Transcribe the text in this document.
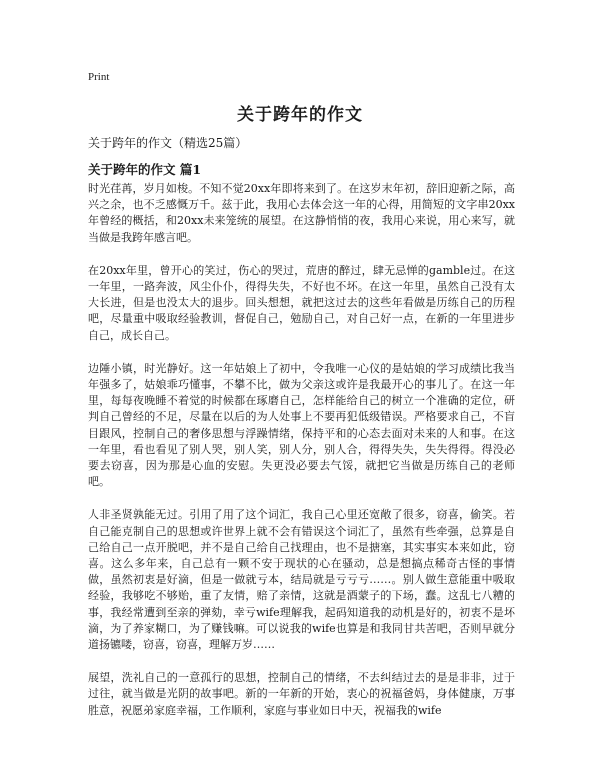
Print
关于跨年的作文
关于跨年的作文（精选25篇）
关于跨年的作文 篇1

时光荏苒，岁月如梭。不知不觉20xx年即将来到了。在这岁末年初，辞旧迎新之际，高兴之余，也不乏感慨万千。兹于此，我用心去体会这一年的心得，用简短的文字串20xx年曾经的概括，和20xx未来笼统的展望。在这静悄悄的夜，我用心来说，用心来写，就当做是我跨年感言吧。

在20xx年里，曾开心的笑过，伤心的哭过，荒唐的醉过，肆无忌惮的gamble过。在这一年里，一路奔波，风尘仆仆，得得失失，不好也不坏。在这一年里，虽然自己没有太大长进，但是也没太大的退步。回头想想，就把这过去的这些年看做是历练自己的历程吧，尽量重中吸取经验教训，督促自己，勉励自己，对自己好一点，在新的一年里进步自己，成长自己。

边陲小镇，时光静好。这一年姑娘上了初中，令我唯一心仪的是姑娘的学习成绩比我当年强多了，姑娘乖巧懂事，不攀不比，做为父亲这或许是我最开心的事儿了。在这一年里，每每夜晚睡不着觉的时候都在琢磨自己，怎样能给自己的树立一个准确的定位，研判自己曾经的不足，尽量在以后的为人处事上不要再犯低级错误。严格要求自己，不盲目跟风，控制自己的奢侈思想与浮躁情绪，保持平和的心态去面对未来的人和事。在这一年里，看也看见了别人哭，别人笑，别人分，别人合，得得失失，失失得得。得没必要去窃喜，因为那是心血的安慰。失更没必要去气馁，就把它当做是历练自己的老师吧。

人非圣贤孰能无过。引用了用了这个词汇，我自己心里还宽敞了很多，窃喜，偷笑。若自己能克制自己的思想或许世界上就不会有错误这个词汇了，虽然有些牵强，总算是自己给自己一点开脱吧，并不是自己给自己找理由，也不是搪塞，其实事实本来如此，窃喜。这么多年来，自己总有一颗不安于现状的心在骚动，总是想搞点稀奇古怪的事情做，虽然初衷是好滴，但是一做就亏本，结局就是亏亏亏……。别人做生意能重中吸取经验，我够吃不够贻，重了友情，赔了亲情，这就是酒蒙子的下场，蠢。这乱七八糟的事，我经常遭到至亲的弹劾，幸亏wife理解我，起码知道我的动机是好的，初衷不是坏滴，为了养家糊口，为了赚钱嘛。可以说我的wife也算是和我同甘共苦吧，否则早就分道扬镳喽，窃喜，窃喜，理解万岁……

展望，洗礼自己的一意孤行的思想，控制自己的情绪，不去纠结过去的是是非非，过于过往，就当做是光阴的故事吧。新的一年新的开始，衷心的祝福爸妈，身体健康，万事胜意，祝愿弟家庭幸福，工作顺利，家庭与事业如日中天，祝福我的wife
